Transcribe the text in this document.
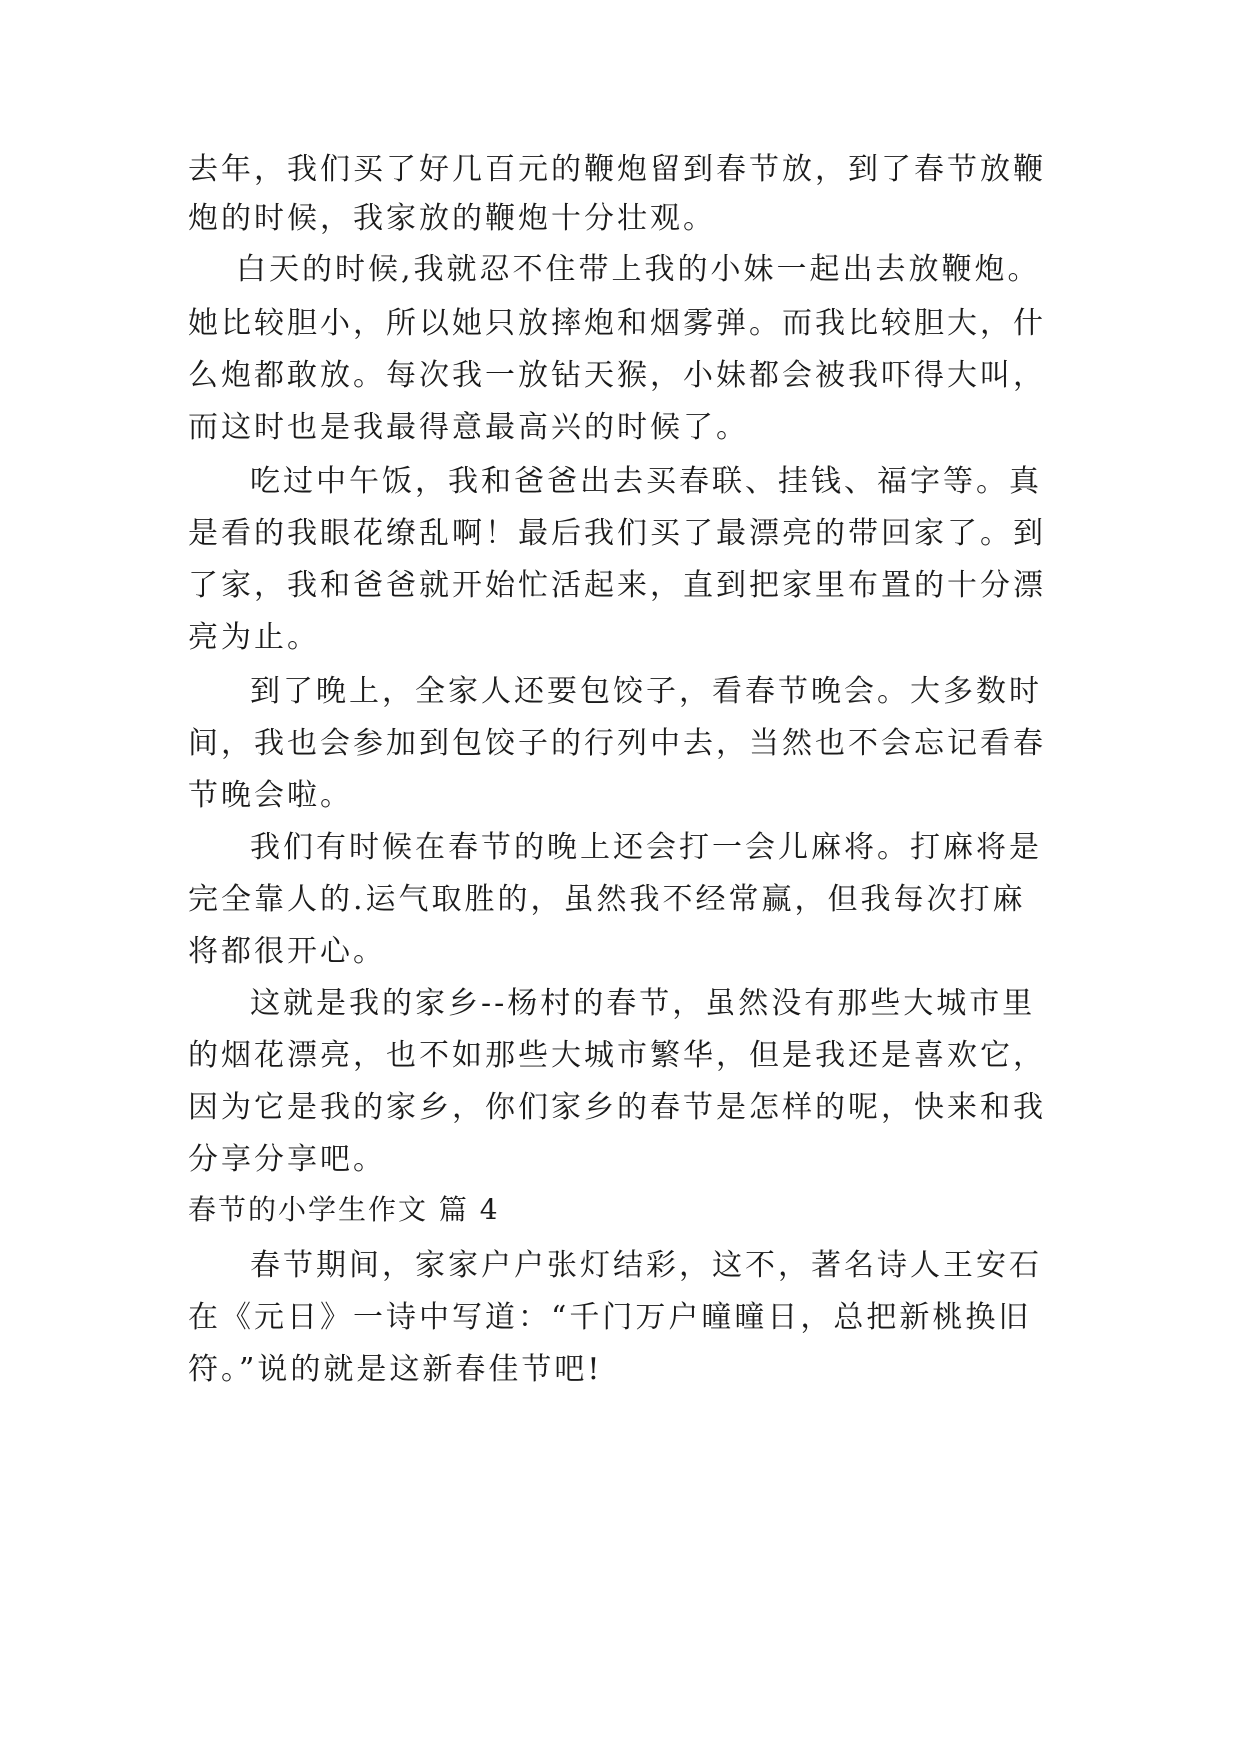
去年，我们买了好几百元的鞭炮留到春节放，到了春节放鞭
炮的时候，我家放的鞭炮十分壮观。
白天的时候,我就忍不住带上我的小妹一起出去放鞭炮。
她比较胆小，所以她只放摔炮和烟雾弹。而我比较胆大，什
么炮都敢放。每次我一放钻天猴，小妹都会被我吓得大叫，
而这时也是我最得意最高兴的时候了。
吃过中午饭，我和爸爸出去买春联、挂钱、福字等。真
是看的我眼花缭乱啊！最后我们买了最漂亮的带回家了。到
了家，我和爸爸就开始忙活起来，直到把家里布置的十分漂
亮为止。
到了晚上，全家人还要包饺子，看春节晚会。大多数时
间，我也会参加到包饺子的行列中去，当然也不会忘记看春
节晚会啦。
我们有时候在春节的晚上还会打一会儿麻将。打麻将是
完全靠人的.运气取胜的，虽然我不经常赢，但我每次打麻
将都很开心。
这就是我的家乡--杨村的春节，虽然没有那些大城市里
的烟花漂亮，也不如那些大城市繁华，但是我还是喜欢它，
因为它是我的家乡，你们家乡的春节是怎样的呢，快来和我
分享分享吧。
春节的小学生作文 篇 4
春节期间，家家户户张灯结彩，这不，著名诗人王安石
在《元日》一诗中写道：“千门万户曈曈日，总把新桃换旧
符。”说的就是这新春佳节吧!
